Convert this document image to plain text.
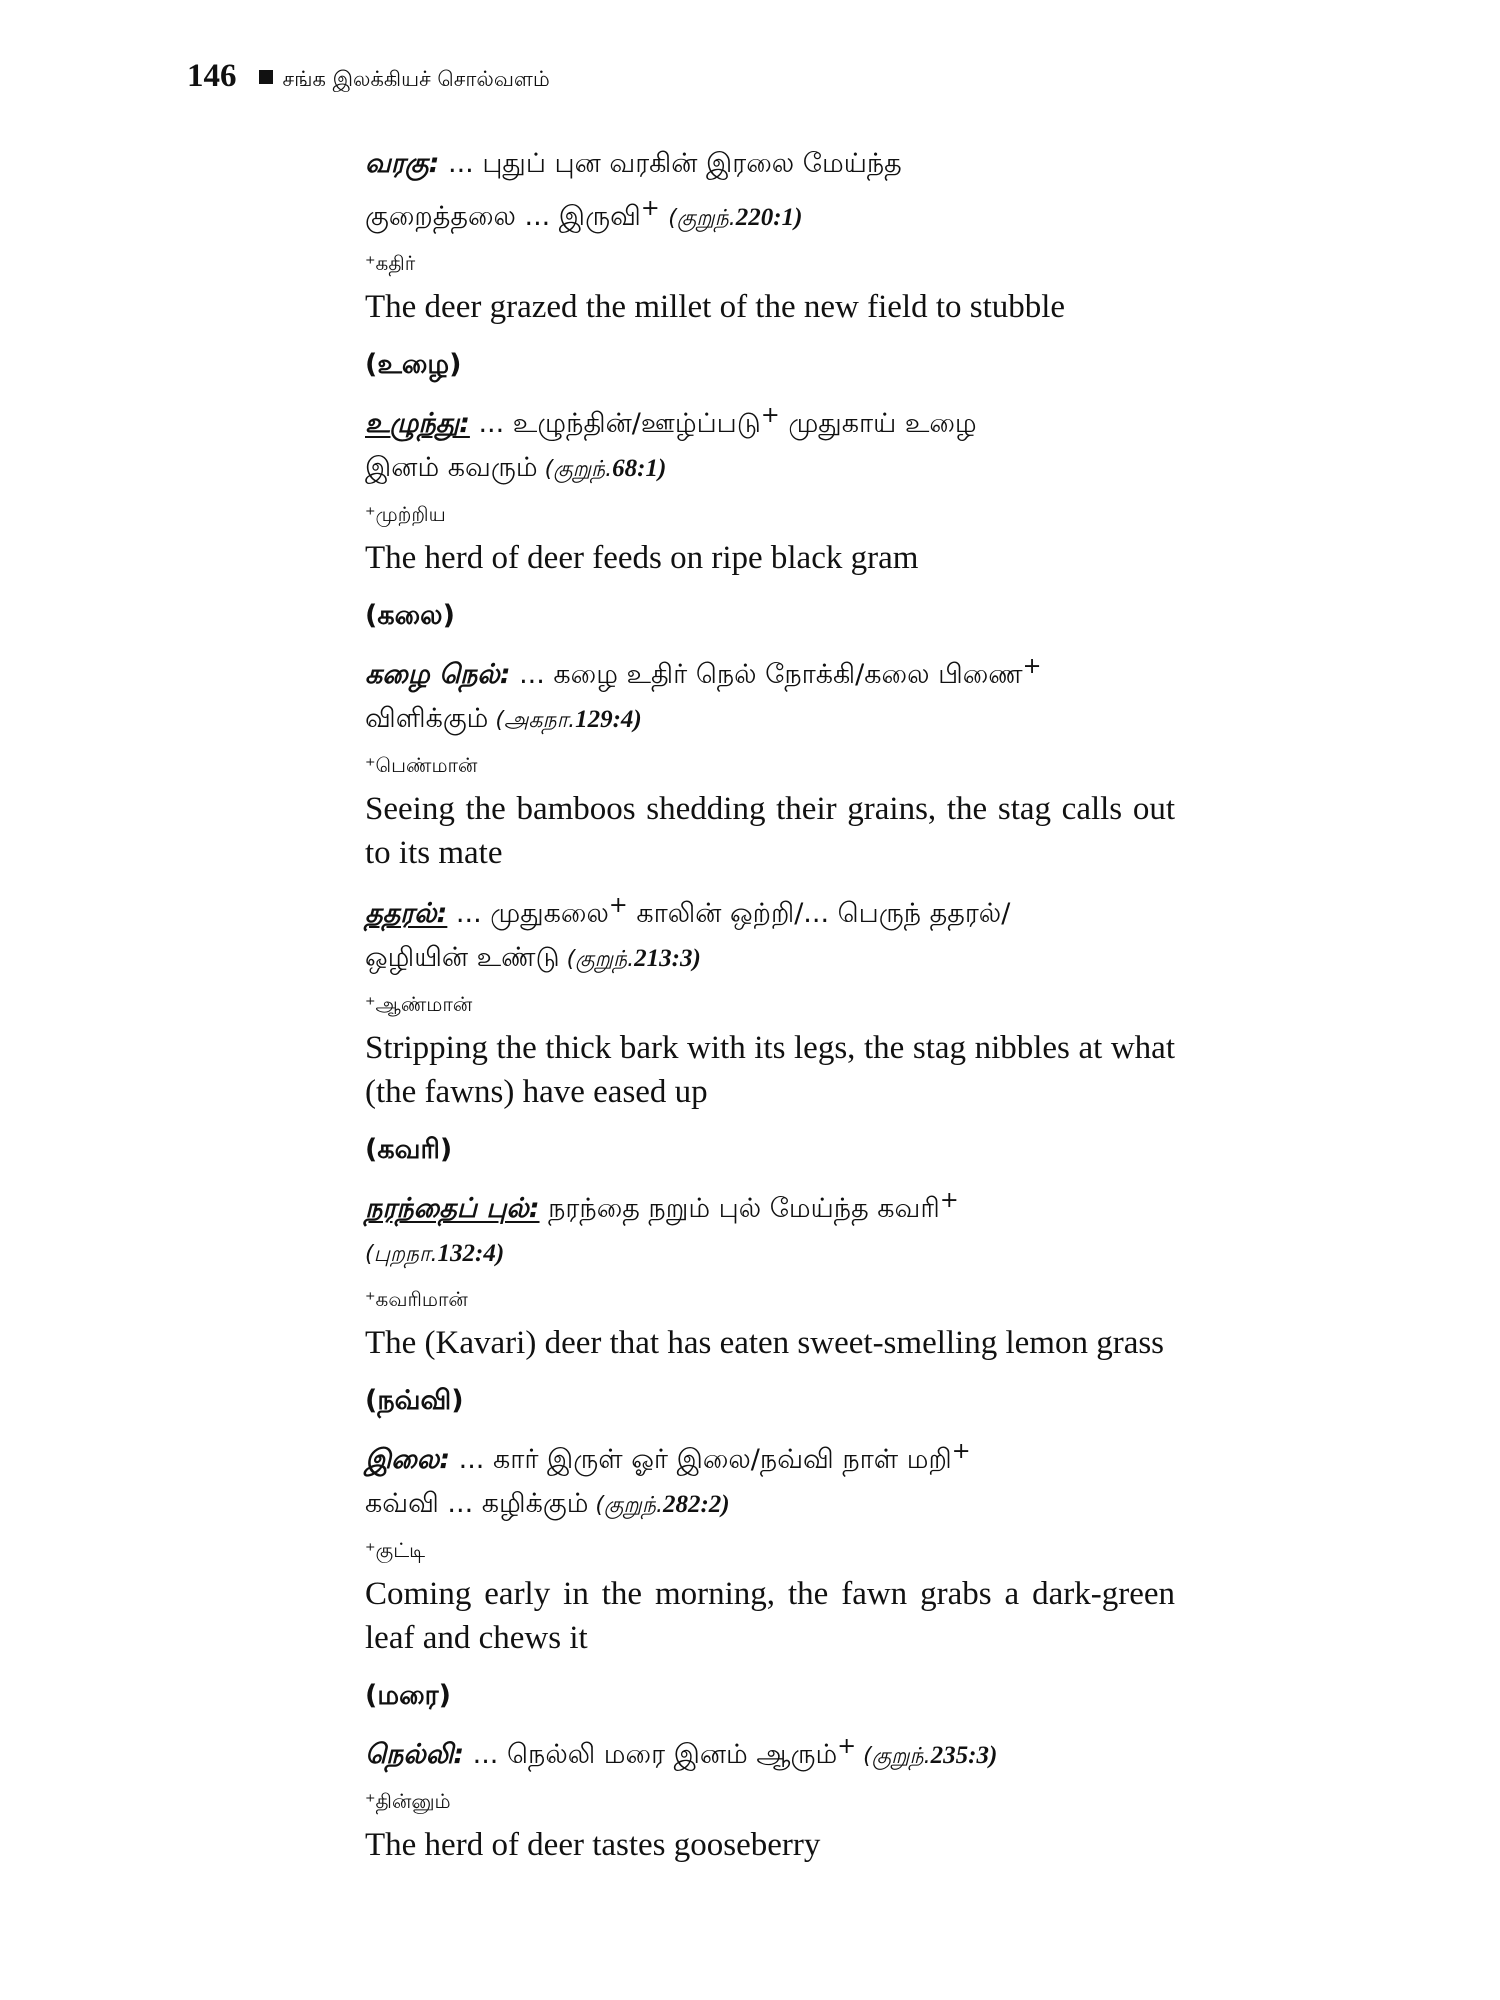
146 சங்க இலக்கியச் சொல்வளம்
வரகு: ... புதுப் புன வரகின் இரலை மேய்ந்த
குறைத்தலை ... இருவி+ (குறுந்.220:1)
⁺கதிர்
The deer grazed the millet of the new field to stubble
(உழை)
உழுந்து: ... உழுந்தின்/ஊழ்ப்படு+ முதுகாய் உழை
இனம் கவரும் (குறுந்.68:1)
⁺முற்றிய
The herd of deer feeds on ripe black gram
(கலை)
கழை நெல்: ... கழை உதிர் நெல் நோக்கி/கலை பிணை+
விளிக்கும் (அகநா.129:4)
⁺பெண்மான்
Seeing the bamboos shedding their grains, the stag calls out to its mate
ததரல்: ... முதுகலை+ காலின் ஒற்றி/... பெருந் ததரல்/
ஒழியின் உண்டு (குறுந்.213:3)
⁺ஆண்மான்
Stripping the thick bark with its legs, the stag nibbles at what (the fawns) have eased up
(கவரி)
நரந்தைப் புல்: நரந்தை நறும் புல் மேய்ந்த கவரி+
(புறநா.132:4)
⁺கவரிமான்
The (Kavari) deer that has eaten sweet-smelling lemon grass
(நவ்வி)
இலை: ... கார் இருள் ஓர் இலை/நவ்வி நாள் மறி+
கவ்வி ... கழிக்கும் (குறுந்.282:2)
⁺குட்டி
Coming early in the morning, the fawn grabs a dark-green leaf and chews it
(மரை)
நெல்லி: ... நெல்லி மரை இனம் ஆரும்+ (குறுந்.235:3)
⁺தின்னும்
The herd of deer tastes gooseberry
